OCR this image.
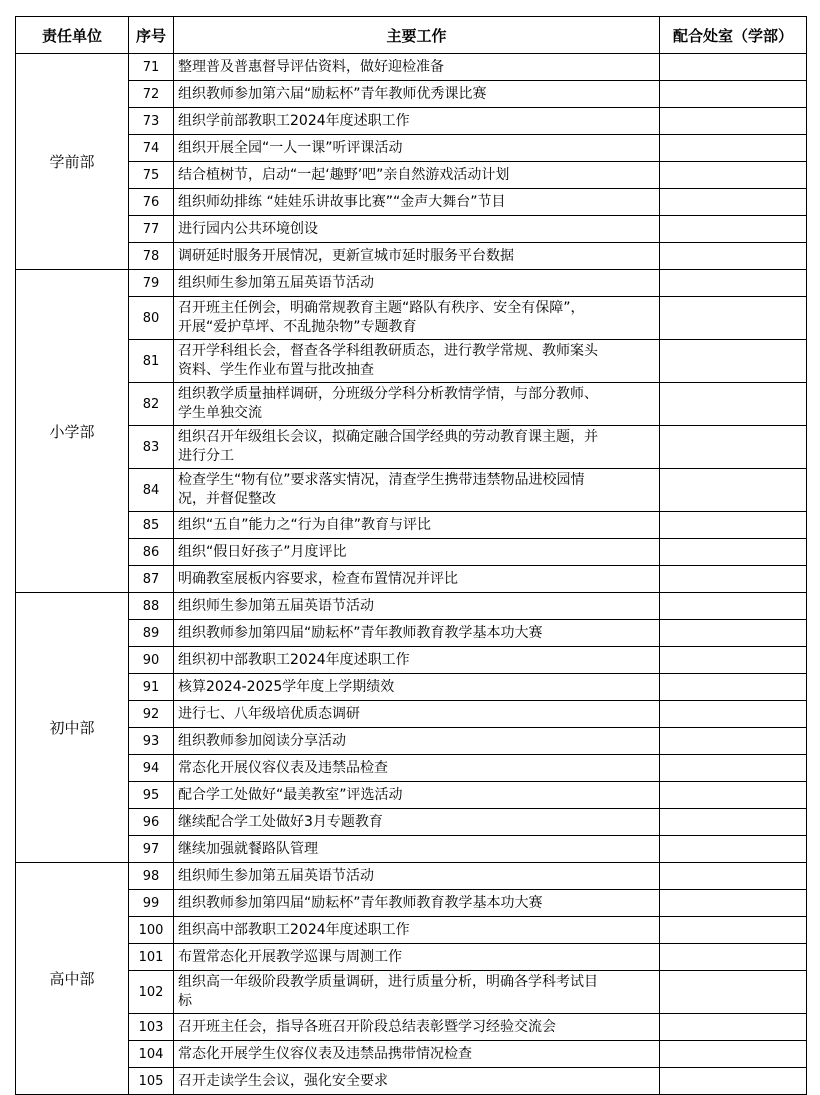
责任单位	序号	主要工作	配合处室（学部）
学前部	71	整理普及普惠督导评估资料，做好迎检准备	
	72	组织教师参加第六届“励耘杯”青年教师优秀课比赛	
	73	组织学前部教职工2024年度述职工作	
	74	组织开展全园“一人一课”听评课活动	
	75	结合植树节，启动“一起‘趣野’吧”亲自然游戏活动计划	
	76	组织师幼排练 “娃娃乐讲故事比赛”“金声大舞台”节目	
	77	进行园内公共环境创设	
	78	调研延时服务开展情况，更新宣城市延时服务平台数据	
小学部	79	组织师生参加第五届英语节活动	
	80	召开班主任例会，明确常规教育主题“路队有秩序、安全有保障”，
开展“爱护草坪、不乱抛杂物”专题教育	
	81	召开学科组长会，督查各学科组教研质态，进行教学常规、教师案头
资料、学生作业布置与批改抽查	
	82	组织教学质量抽样调研，分班级分学科分析教情学情，与部分教师、
学生单独交流	
	83	组织召开年级组长会议，拟确定融合国学经典的劳动教育课主题，并
进行分工	
	84	检查学生“物有位”要求落实情况，清查学生携带违禁物品进校园情
况，并督促整改	
	85	组织“五自”能力之“行为自律”教育与评比	
	86	组织“假日好孩子”月度评比	
	87	明确教室展板内容要求，检查布置情况并评比	
初中部	88	组织师生参加第五届英语节活动	
	89	组织教师参加第四届“励耘杯”青年教师教育教学基本功大赛	
	90	组织初中部教职工2024年度述职工作	
	91	核算2024-2025学年度上学期绩效	
	92	进行七、八年级培优质态调研	
	93	组织教师参加阅读分享活动	
	94	常态化开展仪容仪表及违禁品检查	
	95	配合学工处做好“最美教室”评选活动	
	96	继续配合学工处做好3月专题教育	
	97	继续加强就餐路队管理	
高中部	98	组织师生参加第五届英语节活动	
	99	组织教师参加第四届“励耘杯”青年教师教育教学基本功大赛	
	100	组织高中部教职工2024年度述职工作	
	101	布置常态化开展教学巡课与周测工作	
	102	组织高一年级阶段教学质量调研，进行质量分析，明确各学科考试目
标	
	103	召开班主任会，指导各班召开阶段总结表彰暨学习经验交流会	
	104	常态化开展学生仪容仪表及违禁品携带情况检查	
	105	召开走读学生会议，强化安全要求	
